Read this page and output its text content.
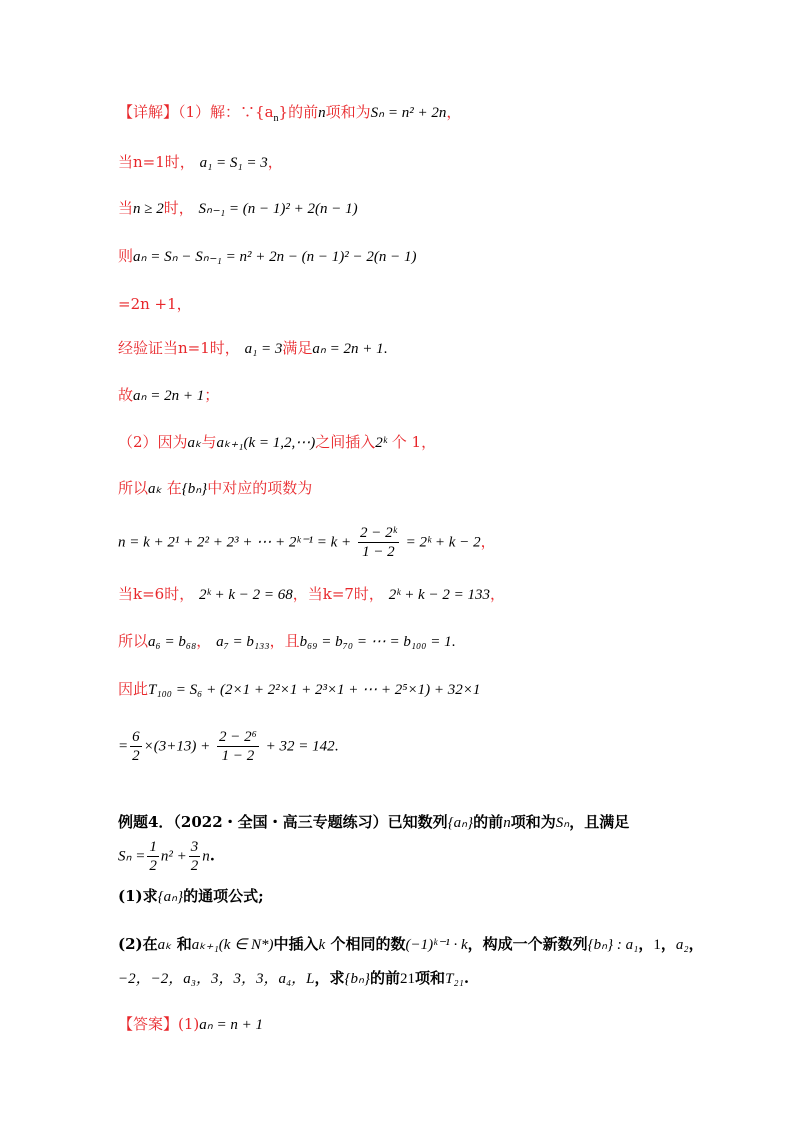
【详解】（1）解：$\because\{a_n\}$的前n项和为Sₙ = n² + 2n，
当n=1时， a₁ = S₁ = 3，
当n ≥ 2时， Sₙ₋₁ = (n − 1)² + 2(n − 1)
则aₙ = Sₙ − Sₙ₋₁ = n² + 2n − (n − 1)² − 2(n − 1)
=2n +1，
经验证当n=1时， a₁ = 3满足aₙ = 2n + 1.
故aₙ = 2n + 1；
（2）因为aₖ与aₖ₊₁(k = 1,2,⋯)之间插入2ᵏ 个 1，
所以aₖ 在{bₙ}中对应的项数为
n = k + 2¹ + 2² + 2³ + ⋯ + 2ᵏ⁻¹ = $k + \frac{\text{2 − 2ᵏ}}{1 - 2}$ = 2ᵏ + k − 2，
当k=6时， 2ᵏ + k − 2 = 68，当k=7时， 2ᵏ + k − 2 = 133，
所以a₆ = b₆₈， a₇ = b₁₃₃，且b₆₉ = b₇₀ = ⋯ = b₁₀₀ = 1.
因此T₁₀₀ = S₆ + (2×1 + 2²×1 + 2³×1 + ⋯ + 2⁵×1) + 32×1
= $\frac{6}{2} \times(3+13) + \frac{\text{2 − 2⁶}}{1 - 2} + 32 = 142$.
例题4．（2022・全国・高三专题练习）已知数列{aₙ}的前n项和为Sₙ，且满足
$S_n = \frac{1}{2} n^2 + \frac{3}{2} n$.
(1)求{aₙ}的通项公式;
(2)在aₖ 和aₖ₊₁(k ∈ N*)中插入k 个相同的数(−1)ᵏ⁻¹ · k，构成一个新数列{bₙ} : a₁，1，a₂，
−2，−2，a₃，3，3，3，a₄，L，求{bₙ}的前21项和T₂₁.
【答案】(1)aₙ = n + 1
